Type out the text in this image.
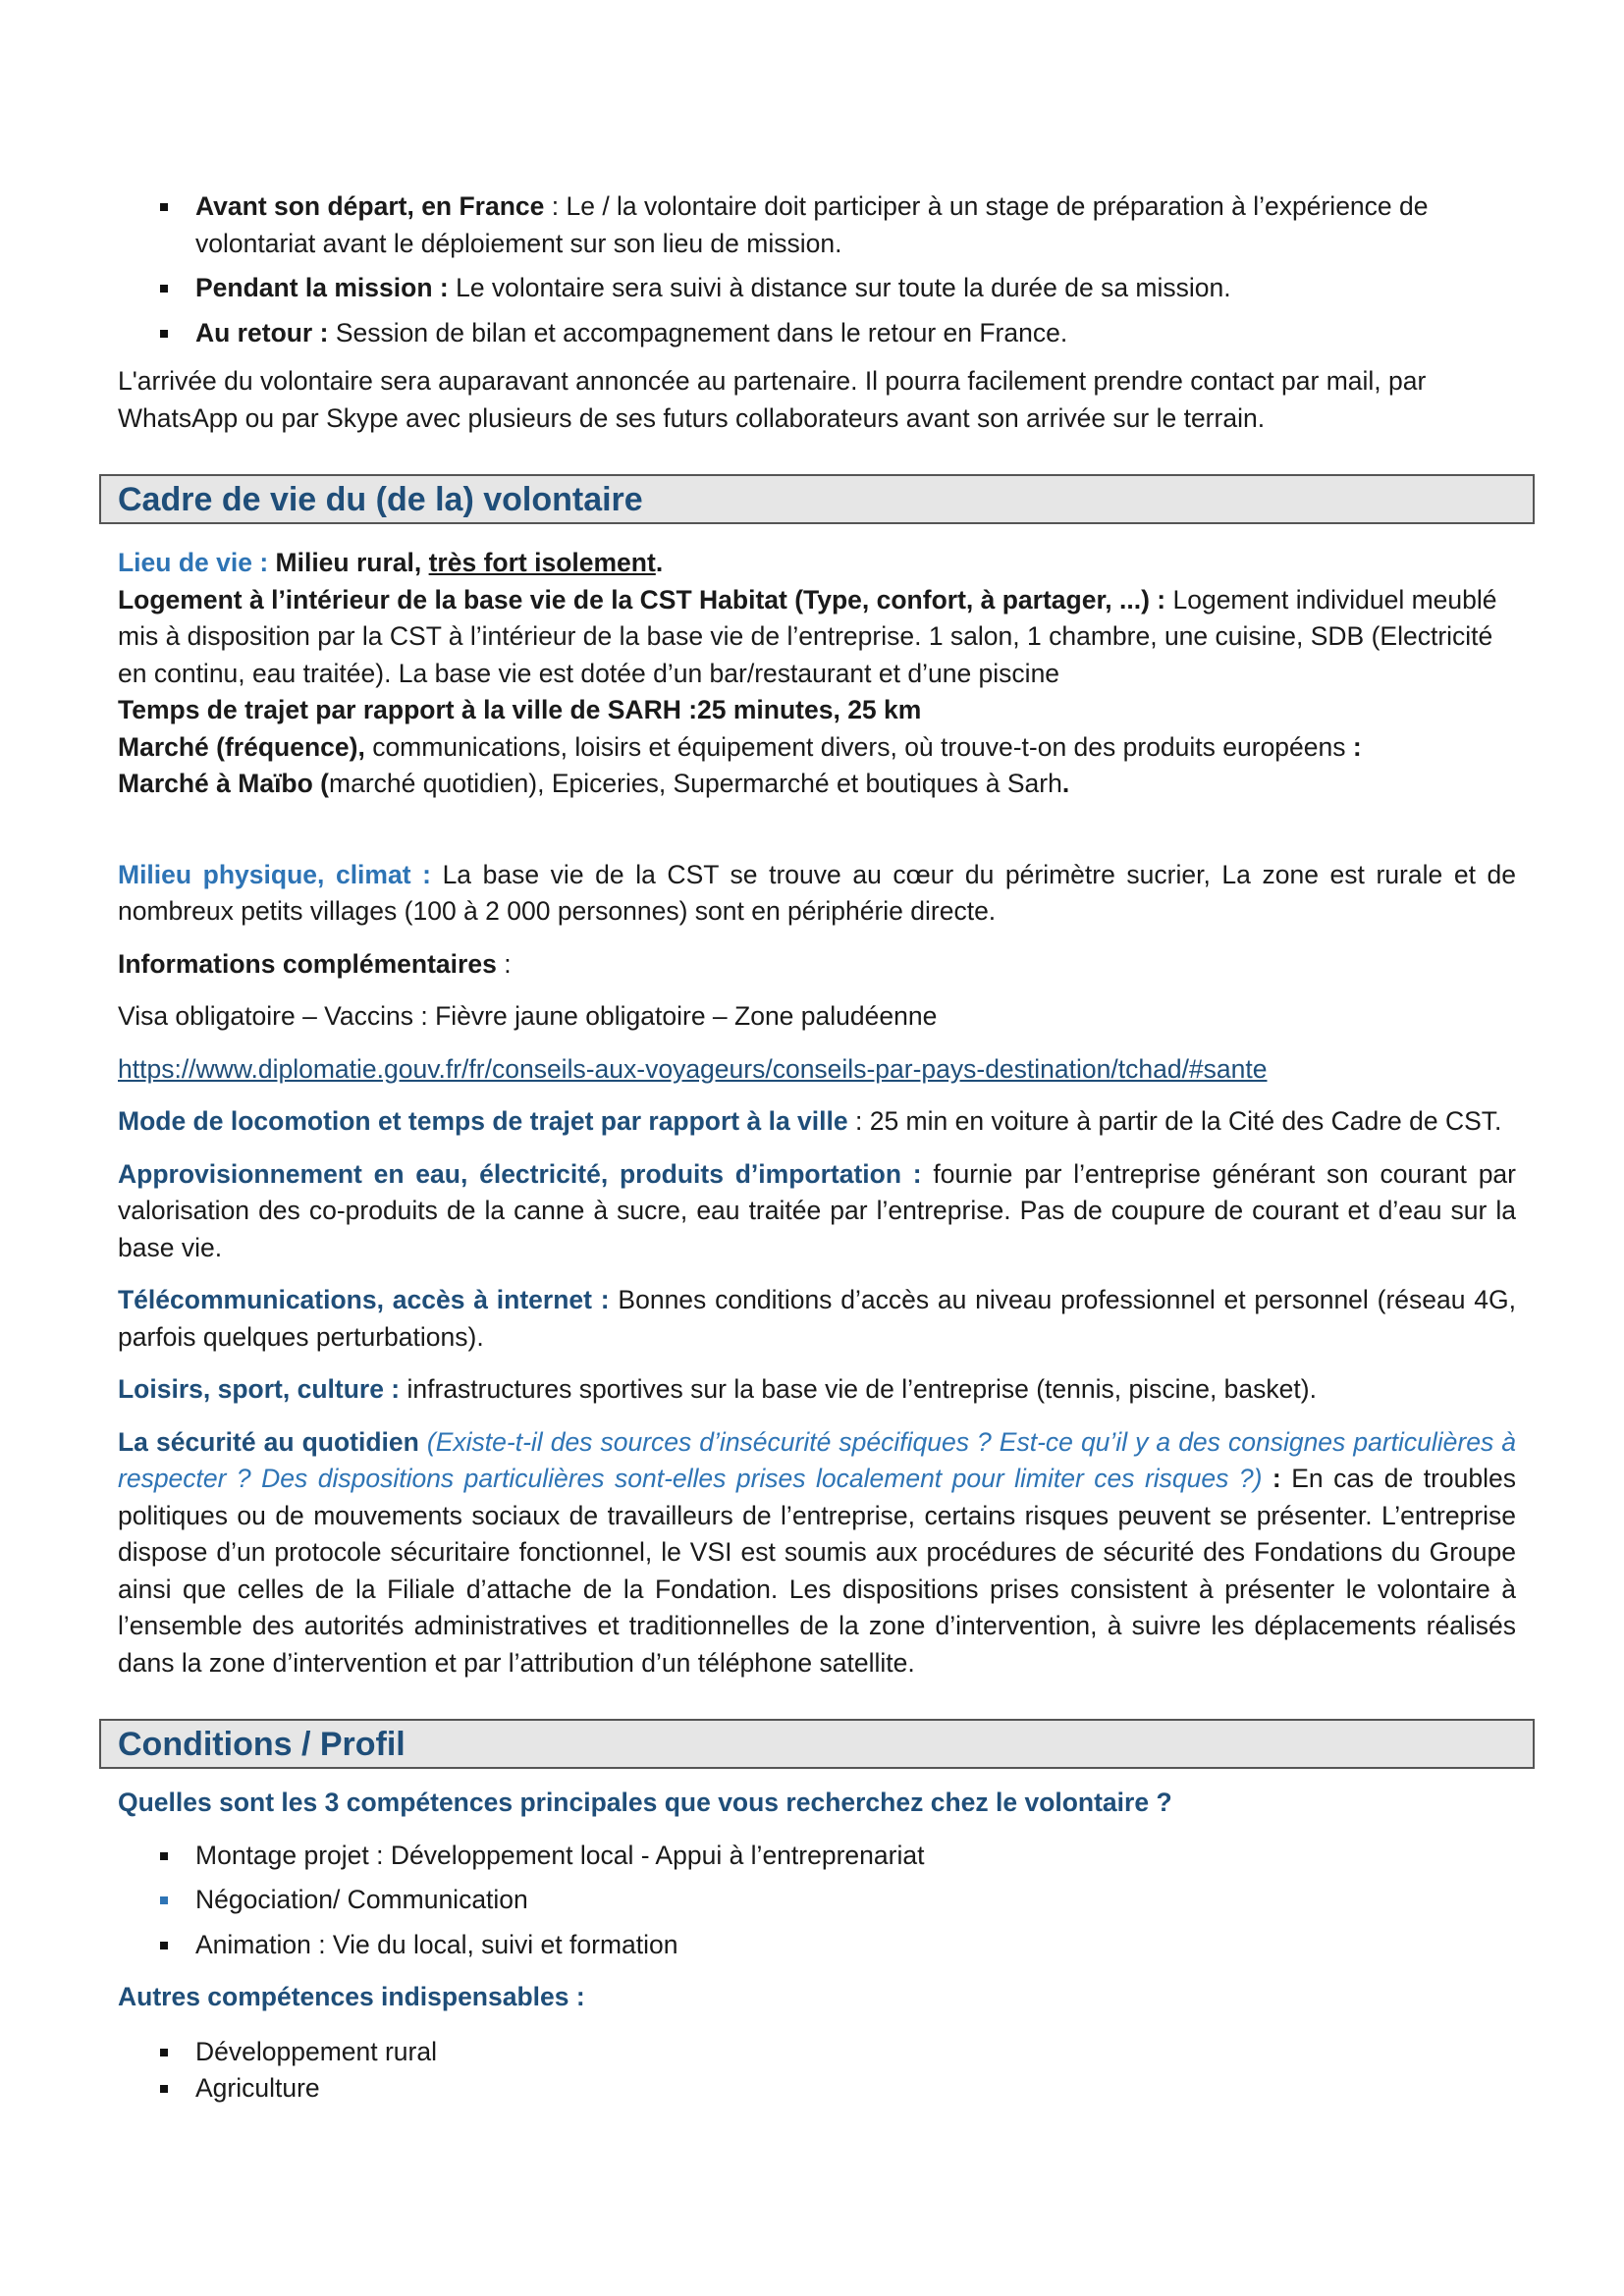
Avant son départ, en France : Le / la volontaire doit participer à un stage de préparation à l’expérience de volontariat avant le déploiement sur son lieu de mission.
Pendant la mission : Le volontaire sera suivi à distance sur toute la durée de sa mission.
Au retour : Session de bilan et accompagnement dans le retour en France.

L'arrivée du volontaire sera auparavant annoncée au partenaire. Il pourra facilement prendre contact par mail, par WhatsApp ou par Skype avec plusieurs de ses futurs collaborateurs avant son arrivée sur le terrain.

Cadre de vie du (de la) volontaire

Lieu de vie : Milieu rural, très fort isolement.

Logement à l’intérieur de la base vie de la CST Habitat (Type, confort, à partager, ...) : Logement individuel meublé mis à disposition par la CST à l’intérieur de la base vie de l’entreprise. 1 salon, 1 chambre, une cuisine, SDB (Electricité en continu, eau traitée). La base vie est dotée d’un bar/restaurant et d’une piscine

Temps de trajet par rapport à la ville de SARH :25 minutes, 25 km

Marché (fréquence), communications, loisirs et équipement divers, où trouve-t-on des produits européens :

Marché à Maïbo (marché quotidien), Epiceries, Supermarché et boutiques à Sarh.

Milieu physique, climat : La base vie de la CST se trouve au cœur du périmètre sucrier, La zone est rurale et de nombreux petits villages (100 à 2 000 personnes) sont en périphérie directe.

Informations complémentaires :

Visa obligatoire – Vaccins : Fièvre jaune obligatoire – Zone paludéenne

https://www.diplomatie.gouv.fr/fr/conseils-aux-voyageurs/conseils-par-pays-destination/tchad/#sante

Mode de locomotion et temps de trajet par rapport à la ville : 25 min en voiture à partir de la Cité des Cadre de CST.

Approvisionnement en eau, électricité, produits d’importation : fournie par l’entreprise générant son courant par valorisation des co-produits de la canne à sucre, eau traitée par l’entreprise. Pas de coupure de courant et d’eau sur la base vie.

Télécommunications, accès à internet : Bonnes conditions d’accès au niveau professionnel et personnel (réseau 4G, parfois quelques perturbations).

Loisirs, sport, culture : infrastructures sportives sur la base vie de l’entreprise (tennis, piscine, basket).

La sécurité au quotidien (Existe-t-il des sources d’insécurité spécifiques ? Est-ce qu’il y a des consignes particulières à respecter ? Des dispositions particulières sont-elles prises localement pour limiter ces risques ?) : En cas de troubles politiques ou de mouvements sociaux de travailleurs de l’entreprise, certains risques peuvent se présenter. L’entreprise dispose d’un protocole sécuritaire fonctionnel, le VSI est soumis aux procédures de sécurité des Fondations du Groupe ainsi que celles de la Filiale d’attache de la Fondation. Les dispositions prises consistent à présenter le volontaire à l’ensemble des autorités administratives et traditionnelles de la zone d’intervention, à suivre les déplacements réalisés dans la zone d’intervention et par l’attribution d’un téléphone satellite.

Conditions / Profil

Quelles sont les 3 compétences principales que vous recherchez chez le volontaire ?

Montage projet : Développement local - Appui à l’entreprenariat
Négociation/ Communication
Animation : Vie du local, suivi et formation

Autres compétences indispensables :

Développement rural
Agriculture
